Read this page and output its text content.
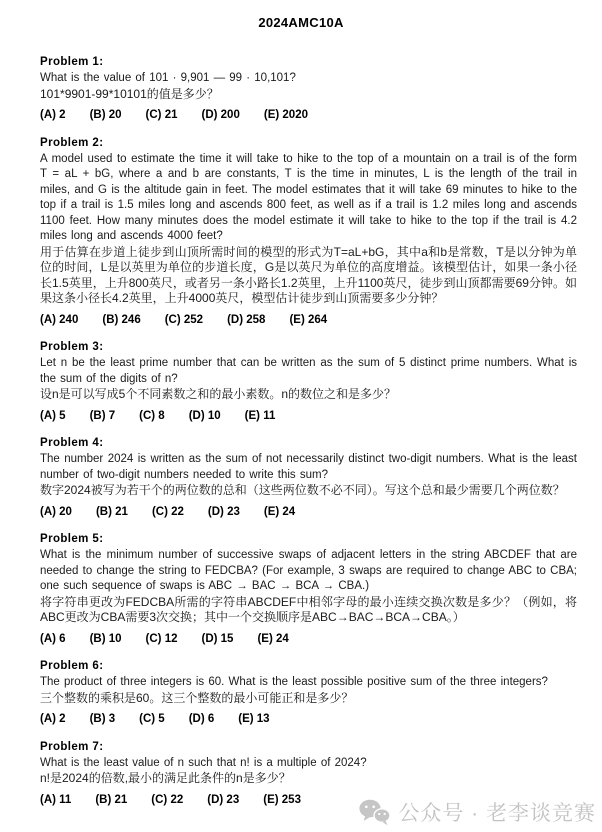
2024AMC10A
Problem 1:

What is the value of 101 · 9,901 — 99 · 10,101?

101*9901-99*10101的值是多少？

(A) 2 (B) 20 (C) 21 (D) 200 (E) 2020
Problem 2:

A model used to estimate the time it will take to hike to the top of a mountain on a trail is of the form T = aL + bG, where a and b are constants, T is the time in minutes, L is the length of the trail in miles, and G is the altitude gain in feet. The model estimates that it will take 69 minutes to hike to the top if a trail is 1.5 miles long and ascends 800 feet, as well as if a trail is 1.2 miles long and ascends 1100 feet. How many minutes does the model estimate it will take to hike to the top if the trail is 4.2 miles long and ascends 4000 feet?

用于估算在步道上徒步到山顶所需时间的模型的形式为T=aL+bG，其中a和b是常数，T是以分钟为单位的时间，L是以英里为单位的步道长度，G是以英尺为单位的高度增益。该模型估计，如果一条小径长1.5英里，上升800英尺，或者另一条小路长1.2英里，上升1100英尺，徒步到山顶都需要69分钟。如果这条小径长4.2英里，上升4000英尺，模型估计徒步到山顶需要多少分钟？

(A) 240 (B) 246 (C) 252 (D) 258 (E) 264
Problem 3:

Let n be the least prime number that can be written as the sum of 5 distinct prime numbers. What is the sum of the digits of n?

设n是可以写成5个不同素数之和的最小素数。n的数位之和是多少？

(A) 5 (B) 7 (C) 8 (D) 10 (E) 11
Problem 4:

The number 2024 is written as the sum of not necessarily distinct two-digit numbers. What is the least number of two-digit numbers needed to write this sum?

数字2024被写为若干个的两位数的总和（这些两位数不必不同）。写这个总和最少需要几个两位数？

(A) 20 (B) 21 (C) 22 (D) 23 (E) 24
Problem 5:

What is the minimum number of successive swaps of adjacent letters in the string ABCDEF that are needed to change the string to FEDCBA? (For example, 3 swaps are required to change ABC to CBA; one such sequence of swaps is ABC → BAC → BCA → CBA.)

将字符串更改为FEDCBA所需的字符串ABCDEF中相邻字母的最小连续交换次数是多少？（例如，将ABC更改为CBA需要3次交换；其中一个交换顺序是ABC→BAC→BCA→CBA。）

(A) 6 (B) 10 (C) 12 (D) 15 (E) 24
Problem 6:

The product of three integers is 60. What is the least possible positive sum of the three integers?

三个整数的乘积是60。这三个整数的最小可能正和是多少？

(A) 2 (B) 3 (C) 5 (D) 6 (E) 13
Problem 7:

What is the least value of n such that n! is a multiple of 2024?

n!是2024的倍数,最小的满足此条件的n是多少？

(A) 11 (B) 21 (C) 22 (D) 23 (E) 253
公众号 · 老李谈竞赛
